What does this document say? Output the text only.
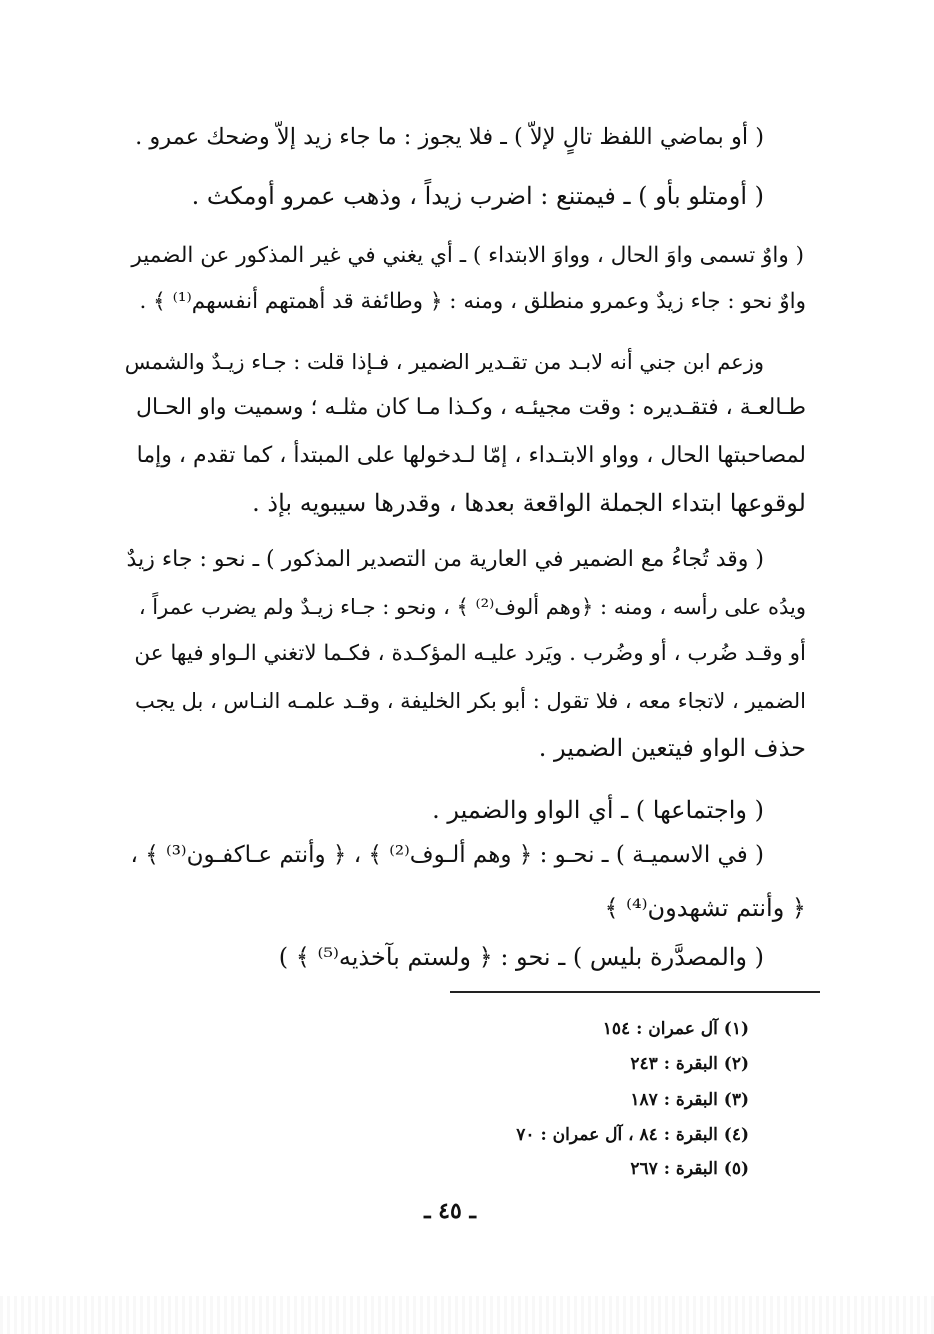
( أو بماضي اللفظ تالٍ لإلاّ ) ـ فلا يجوز : ما جاء زيد إلاّ وضحك عمرو .
( أومتلو بأو ) ـ فيمتنع : اضرب زيداً ، وذهب عمرو أومكث .
( واوٌ تسمى واوَ الحال ، وواوَ الابتداء ) ـ أي يغني في غير المذكور عن الضمير
واوٌ نحو : جاء زيدٌ وعمرو منطلق ، ومنه : ﴿ وطائفة قد أهمتهم أنفسهم⁽¹⁾ ﴾ .
وزعم ابن جني أنه لابـد من تقـدير الضمير ، فـإذا قلت : جـاء زيـدٌ والشمس
طـالعـة ، فتقـديره : وقت مجيئـه ، وكـذا مـا كان مثلـه ؛ وسميت واو الحـال
لمصاحبتها الحال ، وواو الابتـداء ، إمّا لـدخولها على المبتدأ ، كما تقدم ، وإما
لوقوعها ابتداء الجملة الواقعة بعدها ، وقدرها سيبويه بإذ .
( وقد تُجاءُ مع الضمير في العارية من التصدير المذكور ) ـ نحو : جاء زيدٌ
ويدُه على رأسه ، ومنه : ﴿وهم ألوف⁽²⁾ ﴾ ، ونحو : جـاء زيـدٌ ولم يضرب عمراً ،
أو وقـد ضُرب ، أو وضُرب . ويَرد عليـه المؤكـدة ، فكـما لاتغني الـواو فيها عن
الضمير ، لاتجاء معه ، فلا تقول : أبو بكر الخليفة ، وقـد علمـه النـاس ، بل يجب
حذف الواو فيتعين الضمير .
( واجتماعها ) ـ أي الواو والضمير .
( في الاسميـة ) ـ نحـو : ﴿ وهم ألـوف⁽²⁾ ﴾ ، ﴿ وأنتم عـاكفـون⁽³⁾ ﴾ ،
﴿ وأنتم تشهدون⁽⁴⁾ ﴾
( والمصدَّرة بليس ) ـ نحو : ﴿ ولستم بآخذيه⁽⁵⁾ ﴾ )
(١) آل عمران : ١٥٤
(٢) البقرة : ٢٤٣
(٣) البقرة : ١٨٧
(٤) البقرة : ٨٤ ، آل عمران : ٧٠
(٥) البقرة : ٢٦٧
ـ ٤٥ ـ
